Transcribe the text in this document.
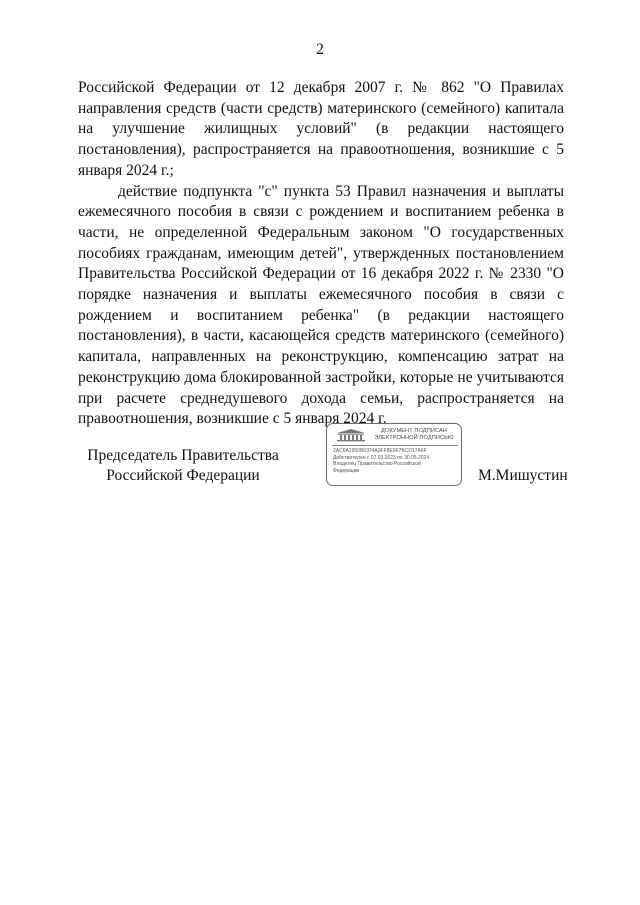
2

Российской Федерации от 12 декабря 2007 г. № 862 "О Правилах направления средств (части средств) материнского (семейного) капитала на улучшение жилищных условий" (в редакции настоящего постановления), распространяется на правоотношения, возникшие с 5 января 2024 г.;

действие подпункта "с" пункта 53 Правил назначения и выплаты ежемесячного пособия в связи с рождением и воспитанием ребенка в части, не определенной Федеральным законом "О государственных пособиях гражданам, имеющим детей", утвержденных постановлением Правительства Российской Федерации от 16 декабря 2022 г. № 2330 "О порядке назначения и выплаты ежемесячного пособия в связи с рождением и воспитанием ребенка" (в редакции настоящего постановления), в части, касающейся средств материнского (семейного) капитала, направленных на реконструкцию, компенсацию затрат на реконструкцию дома блокированной застройки, которые не учитываются при расчете среднедушевого дохода семьи, распространяется на правоотношения, возникшие с 5 января 2024 г.

Председатель Правительства
Российской Федерации
ДОКУМЕНТ ПОДПИСАН
ЭЛЕКТРОННОЙ ПОДПИСЬЮ
2AC6A1950B6374A3FF8E6F7BCD17A6F
Действителен с 07.03.2023 по 30.05.2024
Владелец Правительство Российской
Федерации	М.Мишустин
